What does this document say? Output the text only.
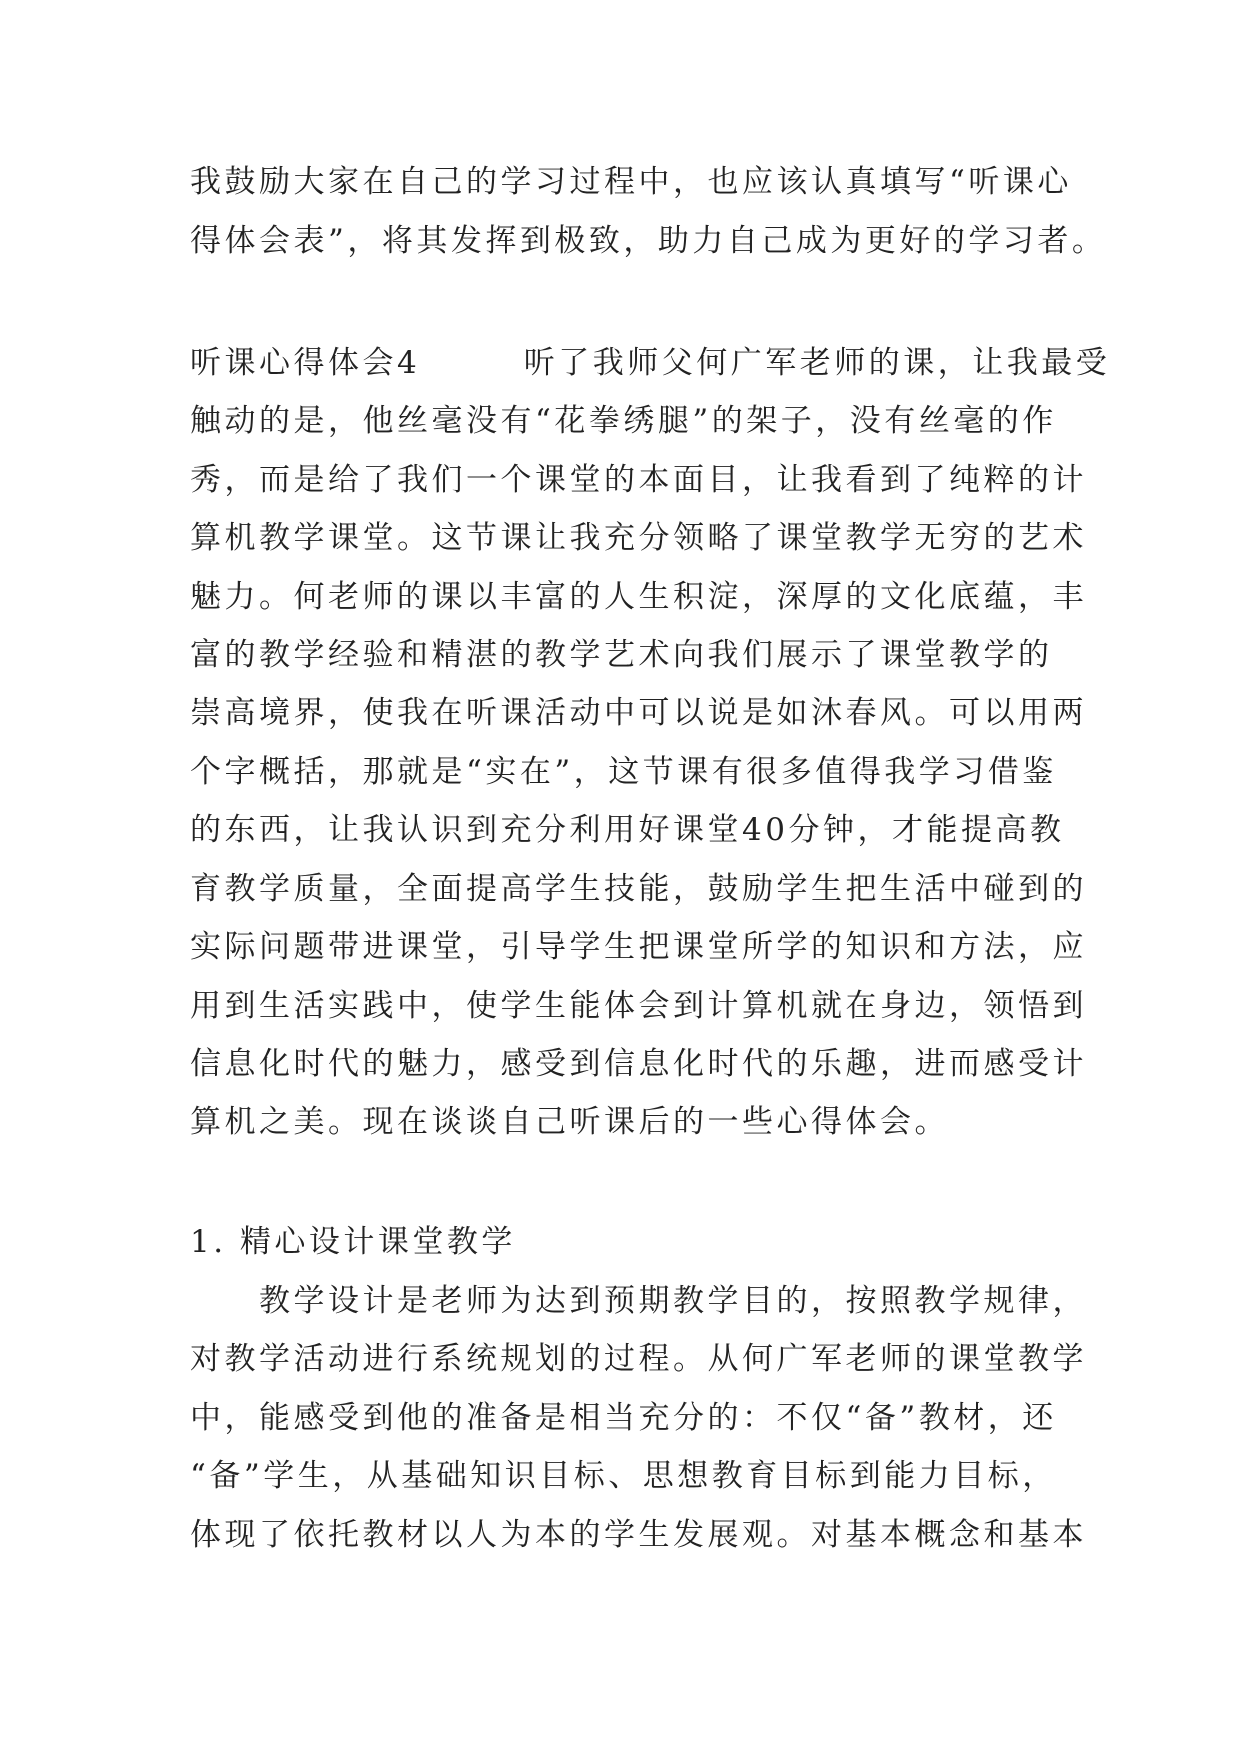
我鼓励大家在自己的学习过程中，也应该认真填写“听课心
得体会表”，将其发挥到极致，助力自己成为更好的学习者。
听课心得体会4　　　听了我师父何广军老师的课，让我最受
触动的是，他丝毫没有“花拳绣腿”的架子，没有丝毫的作
秀，而是给了我们一个课堂的本面目，让我看到了纯粹的计
算机教学课堂。这节课让我充分领略了课堂教学无穷的艺术
魅力。何老师的课以丰富的人生积淀，深厚的文化底蕴，丰
富的教学经验和精湛的教学艺术向我们展示了课堂教学的
崇高境界，使我在听课活动中可以说是如沐春风。可以用两
个字概括，那就是“实在”，这节课有很多值得我学习借鉴
的东西，让我认识到充分利用好课堂40分钟，才能提高教
育教学质量，全面提高学生技能，鼓励学生把生活中碰到的
实际问题带进课堂，引导学生把课堂所学的知识和方法，应
用到生活实践中，使学生能体会到计算机就在身边，领悟到
信息化时代的魅力，感受到信息化时代的乐趣，进而感受计
算机之美。现在谈谈自己听课后的一些心得体会。
1. 精心设计课堂教学
　　教学设计是老师为达到预期教学目的，按照教学规律，
对教学活动进行系统规划的过程。从何广军老师的课堂教学
中，能感受到他的准备是相当充分的：不仅“备”教材，还
“备”学生，从基础知识目标、思想教育目标到能力目标，
体现了依托教材以人为本的学生发展观。对基本概念和基本
